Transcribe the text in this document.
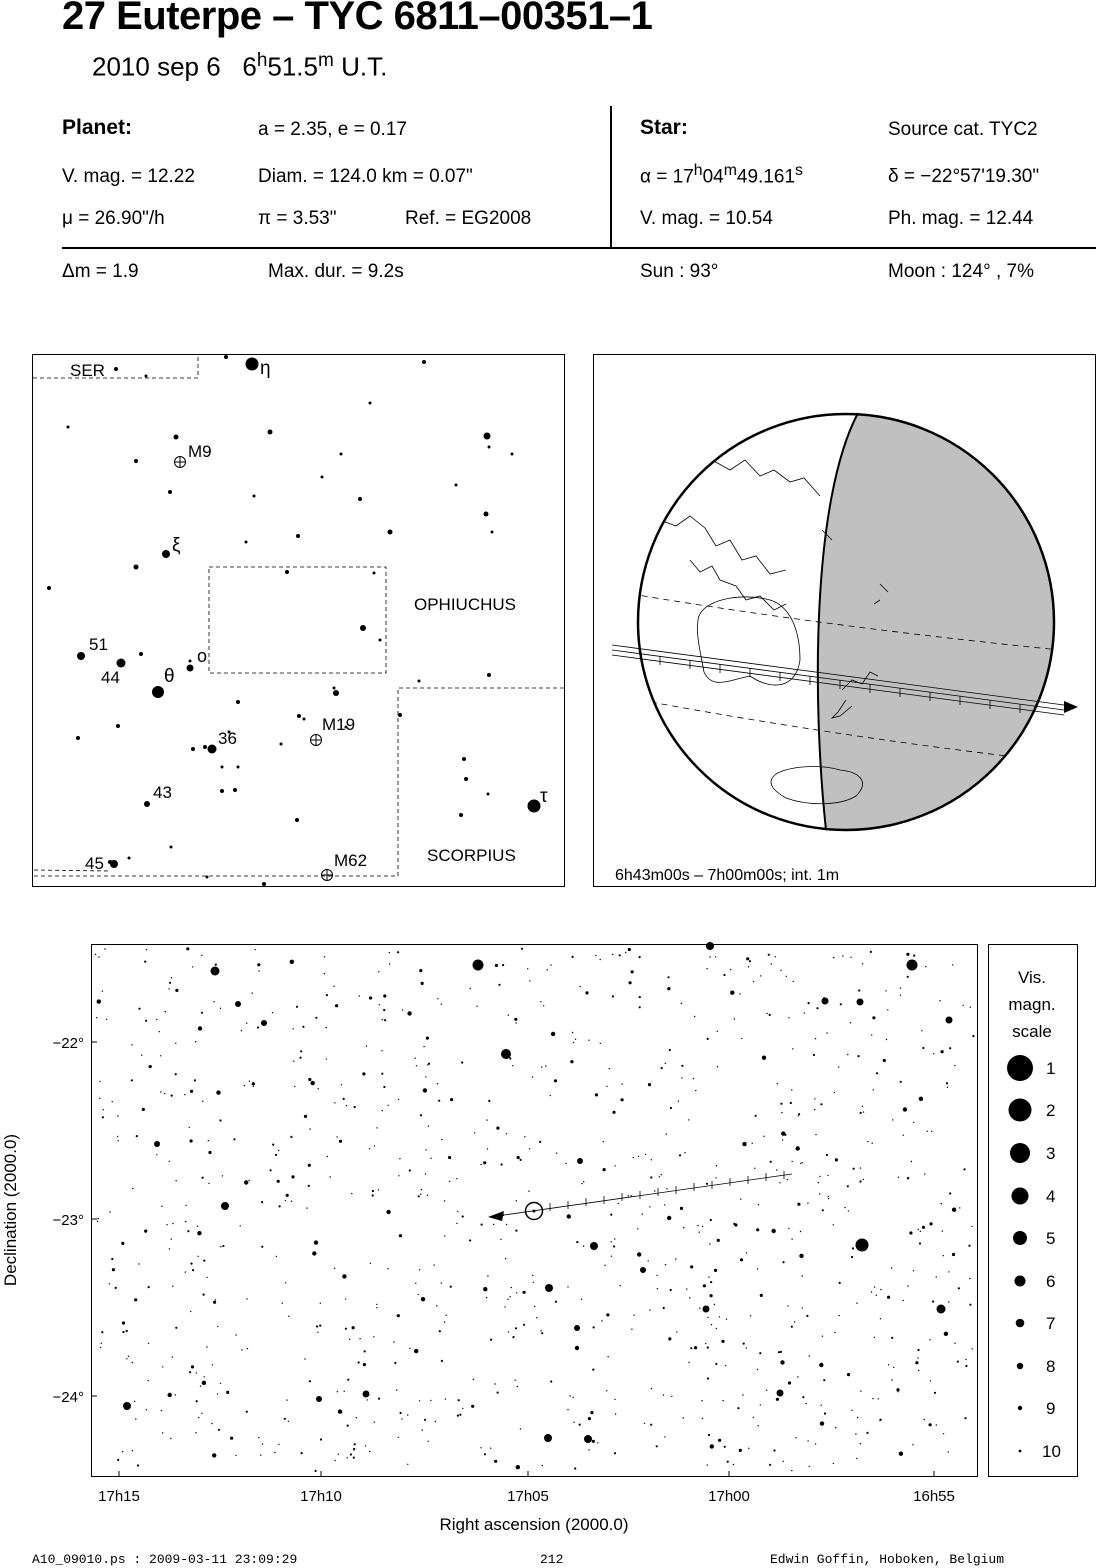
27 Euterpe – TYC 6811–00351–1
2010 sep 6 6$^h$51.5$^m$ U.T.
Planet:	a = 2.35, e = 0.17
V. mag. = 12.22	Diam. = 124.0 km = 0.07"
μ = 26.90"/h	π = 3.53"	Ref. = EG2008
Star:	Source cat. TYC2
$\alpha = 17^h04^m49.161^s$	δ = −22°57'19.30"
V. mag. = 10.54	Ph. mag. = 12.44
Δm = 1.9	Max. dur. = 9.2s	Sun : 93°	Moon : 124° , 7%
SER
OPHIUCHUS
SCORPIUS
η
M9
ξ
51
44 θ
o
36
M19
43	τ
45	M62
6h43m00s – 7h00m00s; int. 1m
17h15	17h10	17h05	17h00	16h55
−22°
−23°
−24°
Right ascension (2000.0)
Declination (2000.0)
Vis.
magn.
scale
1
2
3
4
5
6
7
8
9
10
A10_09010.ps : 2009-03-11 23:09:29	212	Edwin Goffin, Hoboken, Belgium
